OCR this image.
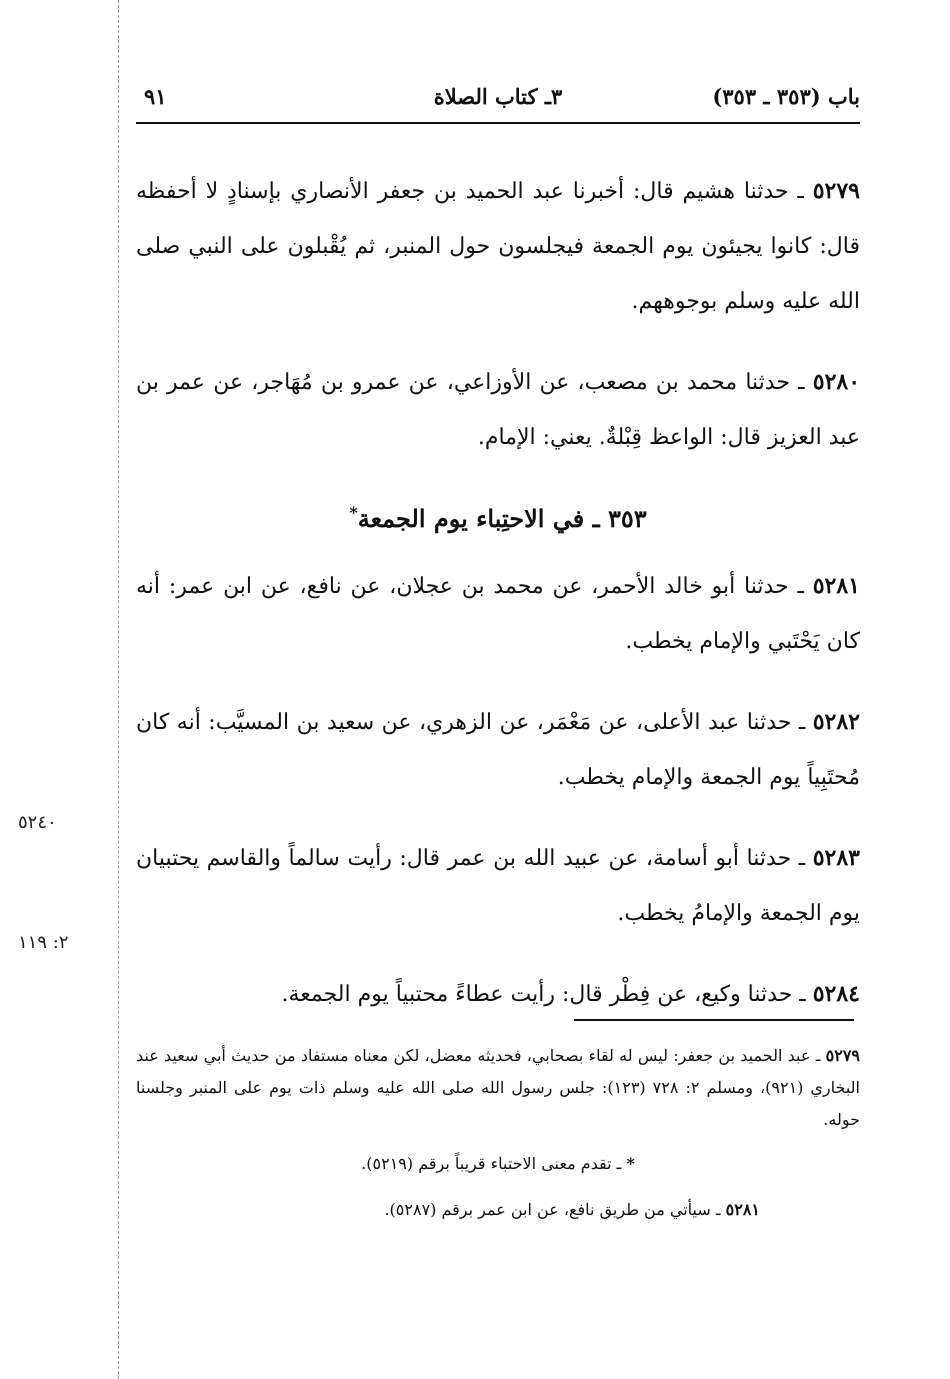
باب (٣٥٣ ـ ٣٥٣)
٣ـ كتاب الصلاة
٩١
٥٢٧٩ ـ حدثنا هشيم قال: أخبرنا عبد الحميد بن جعفر الأنصاري بإسنادٍ لا أحفظه قال: كانوا يجيئون يوم الجمعة فيجلسون حول المنبر، ثم يُقْبلون على النبي صلى الله عليه وسلم بوجوههم.
٥٢٨٠ ـ حدثنا محمد بن مصعب، عن الأوزاعي، عن عمرو بن مُهَاجر، عن عمر بن عبد العزيز قال: الواعظ قِبْلةٌ. يعني: الإمام.
٣٥٣ ـ في الاحتِباء يوم الجمعة*
٥٢٨١ ـ حدثنا أبو خالد الأحمر، عن محمد بن عجلان، عن نافع، عن ابن عمر: أنه كان يَحْتَبي والإمام يخطب.
٥٢٨٢ ـ حدثنا عبد الأعلى، عن مَعْمَر، عن الزهري، عن سعيد بن المسيَّب: أنه كان مُحتَبِياً يوم الجمعة والإمام يخطب.
٥٢٨٣ ـ حدثنا أبو أسامة، عن عبيد الله بن عمر قال: رأيت سالماً والقاسم يحتبيان يوم الجمعة والإمامُ يخطب.
٥٢٨٤ ـ حدثنا وكيع، عن فِطْر قال: رأيت عطاءً محتبياً يوم الجمعة.
٥٢٤٠
٢: ١١٩

٥٢٧٩ ـ عبد الحميد بن جعفر: ليس له لقاء بصحابي، فحديثه معضل، لكن معناه مستفاد من حديث أبي سعيد عند البخاري (٩٢١)، ومسلم ٢: ٧٢٨ (١٢٣): جلس رسول الله صلى الله عليه وسلم ذات يوم على المنبر وجلسنا حوله.

* ـ تقدم معنى الاحتباء قريباً برقم (٥٢١٩).

٥٢٨١ ـ سيأتي من طريق نافع، عن ابن عمر برقم (٥٢٨٧).
